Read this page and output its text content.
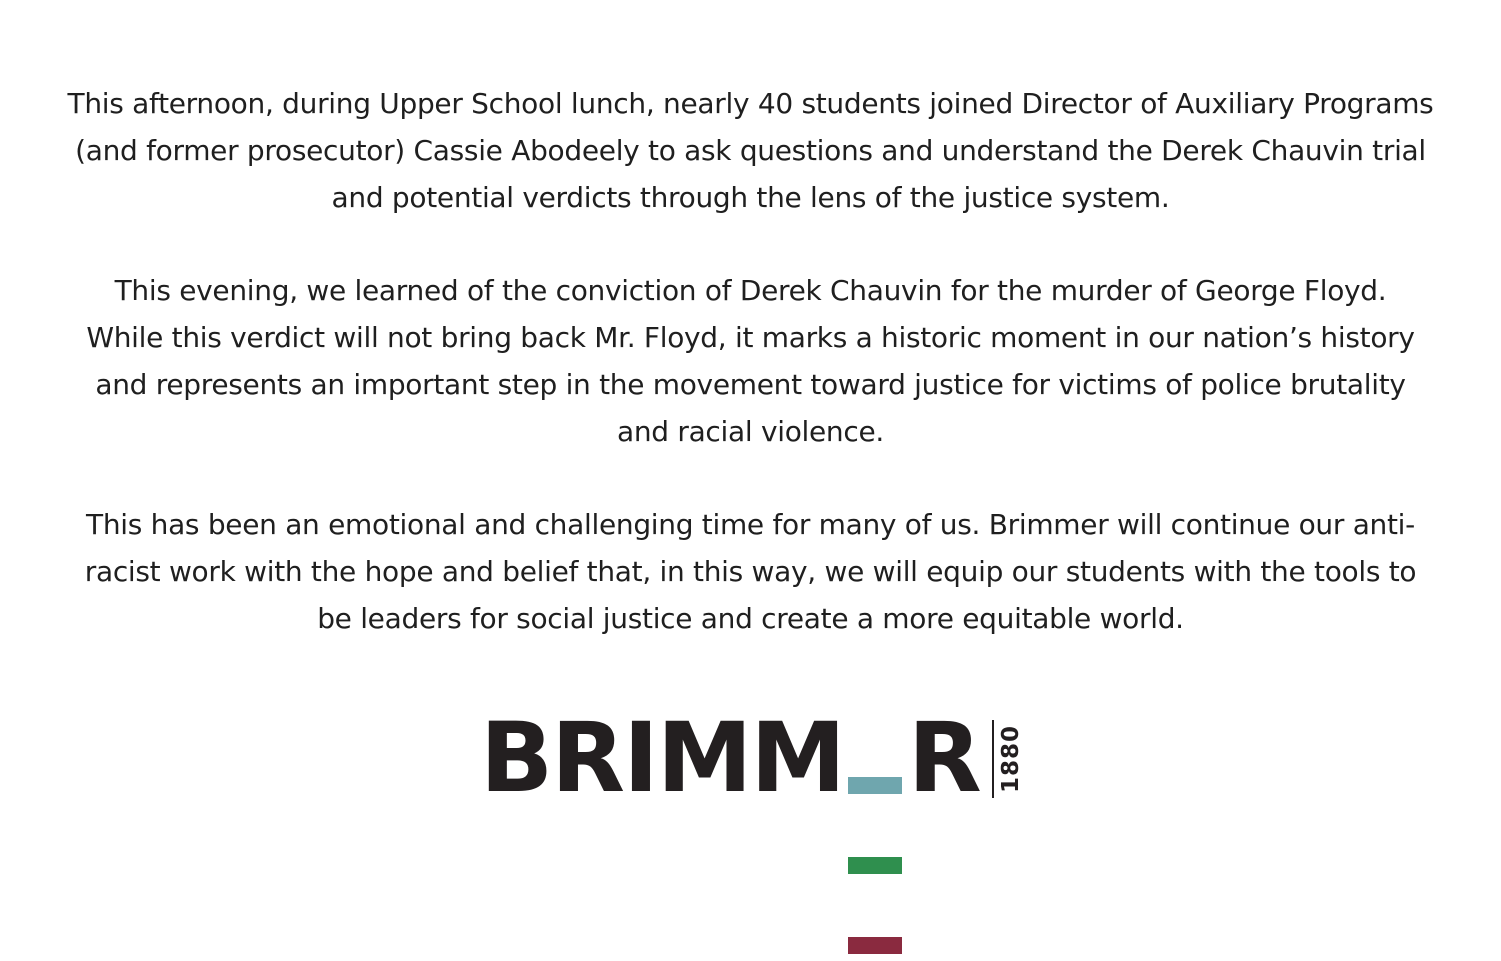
This afternoon, during Upper School lunch, nearly 40 students joined Director of Auxiliary Programs (and former prosecutor) Cassie Abodeely to ask questions and understand the Derek Chauvin trial and potential verdicts through the lens of the justice system.

This evening, we learned of the conviction of Derek Chauvin for the murder of George Floyd. While this verdict will not bring back Mr. Floyd, it marks a historic moment in our nation’s history and represents an important step in the movement toward justice for victims of police brutality and racial violence.

This has been an emotional and challenging time for many of us. Brimmer will continue our anti-racist work with the hope and belief that, in this way, we will equip our students with the tools to be leaders for social justice and create a more equitable world.

BRIMM
R 1880
